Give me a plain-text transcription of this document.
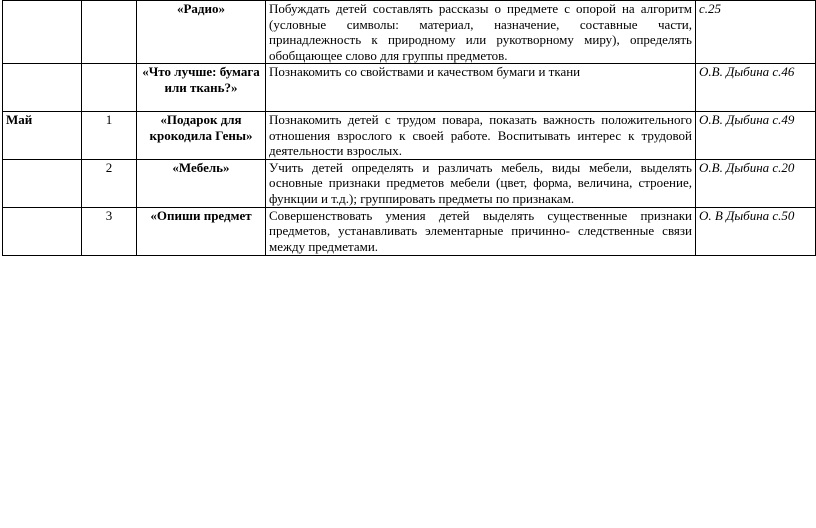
		«Радио»	Побуждать детей составлять рассказы о предмете с опорой на алгоритм (условные символы: материал, назначение, составные части, принадлежность к природному или рукотворному миру), определять обобщающее слово для группы предметов.	с.25
		«Что лучше: бумага или ткань?»	Познакомить со свойствами и качеством бумаги и ткани	О.В. Дыбина с.46
Май	1	«Подарок для крокодила Гены»	Познакомить детей с трудом повара, показать важность положительного отношения взрослого к своей работе. Воспитывать интерес к трудовой деятельности взрослых.	О.В. Дыбина с.49
	2	«Мебель»	Учить детей определять и различать мебель, виды мебели, выделять основные признаки предметов мебели (цвет, форма, величина, строение, функции и т.д.); группировать предметы по признакам.	О.В. Дыбина с.20
	3	«Опиши предмет	Совершенствовать умения детей выделять существенные признаки предметов, устанавливать элементарные причинно- следственные связи между предметами.	О. В Дыбина с.50
